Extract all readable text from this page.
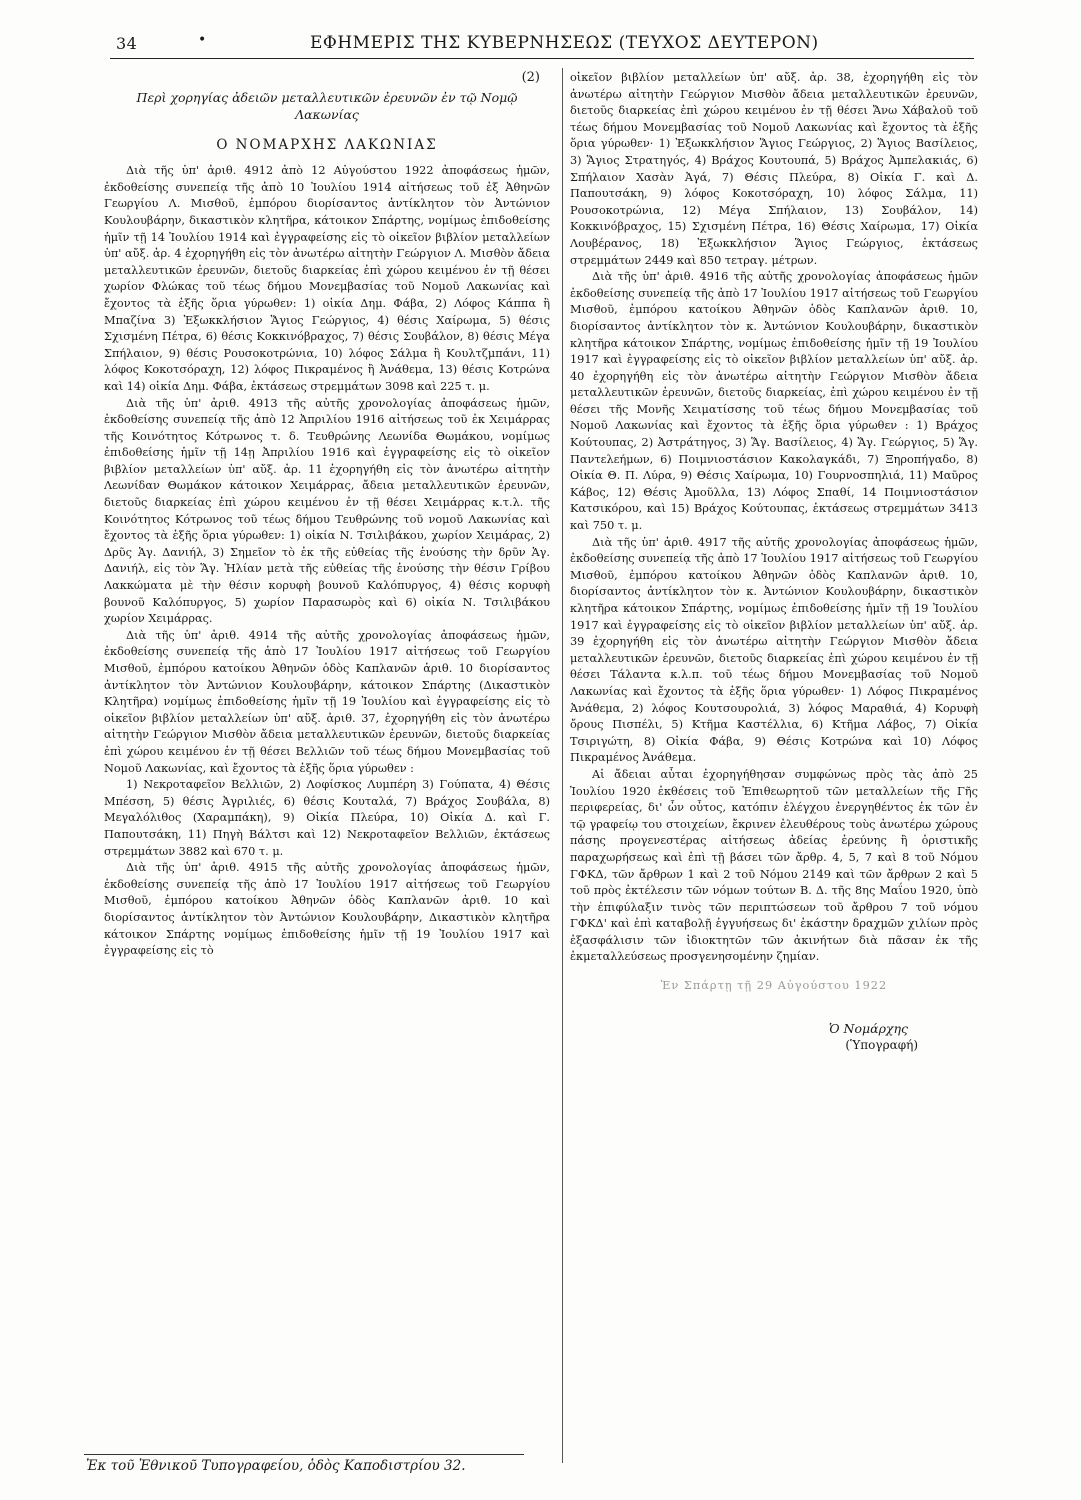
34	•	ΕΦΗΜΕΡΙΣ ΤΗΣ ΚΥΒΕΡΝΗΣΕΩΣ (ΤΕΥΧΟΣ ΔΕΥΤΕΡΟΝ)
(2)
Περὶ χορηγίας ἀδειῶν μεταλλευτικῶν ἐρευνῶν ἐν τῷ Νομῷ Λακωνίας
Ο ΝΟΜΑΡΧΗΣ ΛΑΚΩΝΙΑΣ

Διὰ τῆς ὑπ' ἀριθ. 4912 ἀπὸ 12 Αὐγούστου 1922 ἀποφάσεως ἡμῶν, ἐκδοθείσης συνεπείᾳ τῆς ἀπὸ 10 Ἰουλίου 1914 αἰτήσεως τοῦ ἐξ Ἀθηνῶν Γεωργίου Λ. Μισθοῦ, ἐμπόρου διορίσαντος ἀντίκλητον τὸν Ἀντώνιον Κουλουβάρην, δικαστικὸν κλητῆρα, κάτοικον Σπάρτης, νομίμως ἐπιδοθείσης ἡμῖν τῇ 14 Ἰουλίου 1914 καὶ ἐγγραφείσης εἰς τὸ οἰκεῖον βιβλίον μεταλλείων ὑπ' αὔξ. ἀρ. 4 ἐχορηγήθη εἰς τὸν ἀνωτέρω αἰτητὴν Γεώργιον Λ. Μισθὸν ἄδεια μεταλλευτικῶν ἐρευνῶν, διετοῦς διαρκείας ἐπὶ χώρου κειμένου ἐν τῇ θέσει χωρίον Φλώκας τοῦ τέως δήμου Μονεμβασίας τοῦ Νομοῦ Λακωνίας καὶ ἔχοντος τὰ ἑξῆς ὅρια γύρωθεν: 1) οἰκία Δημ. Φάβα, 2) Λόφος Κάππα ἢ Μπαζίνα 3) Ἐξωκκλήσιον Ἅγιος Γεώργιος, 4) θέσις Χαίρωμα, 5) θέσις Σχισμένη Πέτρα, 6) θέσις Κοκκινόβραχος, 7) θέσις Σουβάλον, 8) θέσις Μέγα Σπήλαιον, 9) θέσις Ρουσοκοτρώνια, 10) λόφος Σάλμα ἢ Κουλτζμπάνι, 11) λόφος Κοκοτσόραχη, 12) λόφος Πικραμένος ἢ Ἀνάθεμα, 13) θέσις Κοτρώνα καὶ 14) οἰκία Δημ. Φάβα, ἐκτάσεως στρεμμάτων 3098 καὶ 225 τ. μ.

Διὰ τῆς ὑπ' ἀριθ. 4913 τῆς αὐτῆς χρονολογίας ἀποφάσεως ἡμῶν, ἐκδοθείσης συνεπείᾳ τῆς ἀπὸ 12 Ἀπριλίου 1916 αἰτήσεως τοῦ ἐκ Χειμάρρας τῆς Κοινότητος Κότρωνος τ. δ. Τευθρώνης Λεωνίδα Θωμάκου, νομίμως ἐπιδοθείσης ἡμῖν τῇ 14ῃ Ἀπριλίου 1916 καὶ ἐγγραφείσης εἰς τὸ οἰκεῖον βιβλίον μεταλλείων ὑπ' αὔξ. ἀρ. 11 ἐχορηγήθη εἰς τὸν ἀνωτέρω αἰτητὴν Λεωνίδαν Θωμάκον κάτοικον Χειμάρρας, ἄδεια μεταλλευτικῶν ἐρευνῶν, διετοῦς διαρκείας ἐπὶ χώρου κειμένου ἐν τῇ θέσει Χειμάρρας κ.τ.λ. τῆς Κοινότητος Κότρωνος τοῦ τέως δήμου Τευθρώνης τοῦ νομοῦ Λακωνίας καὶ ἔχοντος τὰ ἑξῆς ὅρια γύρωθεν: 1) οἰκία Ν. Τσιλιβάκου, χωρίον Χειμάρας, 2) Δρῦς Ἁγ. Δανιήλ, 3) Σημεῖον τὸ ἐκ τῆς εὐθείας τῆς ἑνούσης τὴν δρῦν Ἁγ. Δανιήλ, εἰς τὸν Ἅγ. Ἠλίαν μετὰ τῆς εὐθείας τῆς ἑνούσης τὴν θέσιν Γρίβου Λακκώματα μὲ τὴν θέσιν κορυφὴ βουνοῦ Καλόπυργος, 4) θέσις κορυφὴ βουνοῦ Καλόπυργος, 5) χωρίον Παρασωρὸς καὶ 6) οἰκία Ν. Τσιλιβάκου χωρίον Χειμάρρας.

Διὰ τῆς ὑπ' ἀριθ. 4914 τῆς αὐτῆς χρονολογίας ἀποφάσεως ἡμῶν, ἐκδοθείσης συνεπείᾳ τῆς ἀπὸ 17 Ἰουλίου 1917 αἰτήσεως τοῦ Γεωργίου Μισθοῦ, ἐμπόρου κατοίκου Ἀθηνῶν ὁδὸς Καπλανῶν ἀριθ. 10 διορίσαντος ἀντίκλητον τὸν Ἀντώνιον Κουλουβάρην, κάτοικον Σπάρτης (Δικαστικὸν Κλητῆρα) νομίμως ἐπιδοθείσης ἡμῖν τῇ 19 Ἰουλίου καὶ ἐγγραφείσης εἰς τὸ οἰκεῖον βιβλίον μεταλλείων ὑπ' αὔξ. ἀριθ. 37, ἐχορηγήθη εἰς τὸν ἀνωτέρω αἰτητὴν Γεώργιον Μισθὸν ἄδεια μεταλλευτικῶν ἐρευνῶν, διετοῦς διαρκείας ἐπὶ χώρου κειμένου ἐν τῇ θέσει Βελλιῶν τοῦ τέως δήμου Μονεμβασίας τοῦ Νομοῦ Λακωνίας, καὶ ἔχοντος τὰ ἑξῆς ὅρια γύρωθεν :

1) Νεκροταφεῖον Βελλιῶν, 2) Λοφίσκος Λυμπέρη 3) Γούπατα, 4) Θέσις Μπέσση, 5) θέσις Ἀγριλιές, 6) θέσις Κουταλά, 7) Βράχος Σουβάλα, 8) Μεγαλόλιθος (Χαραμπάκη), 9) Οἰκία Πλεύρα, 10) Οἰκία Δ. καὶ Γ. Παπουτσάκη, 11) Πηγὴ Βάλτσι καὶ 12) Νεκροταφεῖον Βελλιῶν, ἐκτάσεως στρεμμάτων 3882 καὶ 670 τ. μ.

Διὰ τῆς ὑπ' ἀριθ. 4915 τῆς αὐτῆς χρονολογίας ἀποφάσεως ἡμῶν, ἐκδοθείσης συνεπείᾳ τῆς ἀπὸ 17 Ἰουλίου 1917 αἰτήσεως τοῦ Γεωργίου Μισθοῦ, ἐμπόρου κατοίκου Ἀθηνῶν ὁδὸς Καπλανῶν ἀριθ. 10 καὶ διορίσαντος ἀντίκλητον τὸν Ἀντώνιον Κουλουβάρην, Δικαστικὸν κλητῆρα κάτοικον Σπάρτης νομίμως ἐπιδοθείσης ἡμῖν τῇ 19 Ἰουλίου 1917 καὶ ἐγγραφείσης εἰς τὸ

οἰκεῖον βιβλίον μεταλλείων ὑπ' αὔξ. ἀρ. 38, ἐχορηγήθη εἰς τὸν ἀνωτέρω αἰτητὴν Γεώργιον Μισθὸν ἄδεια μεταλλευτικῶν ἐρευνῶν, διετοῦς διαρκείας ἐπὶ χώρου κειμένου ἐν τῇ θέσει Ἄνω Χάβαλοῦ τοῦ τέως δήμου Μονεμβασίας τοῦ Νομοῦ Λακωνίας καὶ ἔχοντος τὰ ἑξῆς ὅρια γύρωθεν· 1) Ἐξωκκλήσιον Ἅγιος Γεώργιος, 2) Ἅγιος Βασίλειος, 3) Ἅγιος Στρατηγός, 4) Βράχος Κουτουπά, 5) Βράχος Ἀμπελακιάς, 6) Σπήλαιον Χασὰν Ἀγά, 7) Θέσις Πλεύρα, 8) Οἰκία Γ. καὶ Δ. Παπουτσάκη, 9) λόφος Κοκοτσόραχη, 10) λόφος Σάλμα, 11) Ρουσοκοτρώνια, 12) Μέγα Σπήλαιον, 13) Σουβάλον, 14) Κοκκινόβραχος, 15) Σχισμένη Πέτρα, 16) Θέσις Χαίρωμα, 17) Οἰκία Λουβέρανος, 18) Ἐξωκκλήσιον Ἅγιος Γεώργιος, ἐκτάσεως στρεμμάτων 2449 καὶ 850 τετραγ. μέτρων.

Διὰ τῆς ὑπ' ἀριθ. 4916 τῆς αὐτῆς χρονολογίας ἀποφάσεως ἡμῶν ἐκδοθείσης συνεπείᾳ τῆς ἀπὸ 17 Ἰουλίου 1917 αἰτήσεως τοῦ Γεωργίου Μισθοῦ, ἐμπόρου κατοίκου Ἀθηνῶν ὁδὸς Καπλανῶν ἀριθ. 10, διορίσαντος ἀντίκλητον τὸν κ. Ἀντώνιον Κουλουβάρην, δικαστικὸν κλητῆρα κάτοικον Σπάρτης, νομίμως ἐπιδοθείσης ἡμῖν τῇ 19 Ἰουλίου 1917 καὶ ἐγγραφείσης εἰς τὸ οἰκεῖον βιβλίον μεταλλείων ὑπ' αὔξ. ἀρ. 40 ἐχορηγήθη εἰς τὸν ἀνωτέρω αἰτητὴν Γεώργιον Μισθὸν ἄδεια μεταλλευτικῶν ἐρευνῶν, διετοῦς διαρκείας, ἐπὶ χώρου κειμένου ἐν τῇ θέσει τῆς Μονῆς Χειματίσσης τοῦ τέως δήμου Μονεμβασίας τοῦ Νομοῦ Λακωνίας καὶ ἔχοντος τὰ ἑξῆς ὅρια γύρωθεν : 1) Βράχος Κούτουπας, 2) Ἀστράτηγος, 3) Ἅγ. Βασίλειος, 4) Ἅγ. Γεώργιος, 5) Ἅγ. Παντελεήμων, 6) Ποιμνιοστάσιον Κακολαγκάδι, 7) Ξηροπήγαδο, 8) Οἰκία Θ. Π. Λύρα, 9) Θέσις Χαίρωμα, 10) Γουρνοσπηλιά, 11) Μαῦρος Κάβος, 12) Θέσις Ἀμοῦλλα, 13) Λόφος Σπαθί, 14 Ποιμνιοστάσιον Κατσικόρου, καὶ 15) Βράχος Κούτουπας, ἐκτάσεως στρεμμάτων 3413 καὶ 750 τ. μ.

Διὰ τῆς ὑπ' ἀριθ. 4917 τῆς αὐτῆς χρονολογίας ἀποφάσεως ἡμῶν, ἐκδοθείσης συνεπείᾳ τῆς ἀπὸ 17 Ἰουλίου 1917 αἰτήσεως τοῦ Γεωργίου Μισθοῦ, ἐμπόρου κατοίκου Ἀθηνῶν ὁδὸς Καπλανῶν ἀριθ. 10, διορίσαντος ἀντίκλητον τὸν κ. Ἀντώνιον Κουλουβάρην, δικαστικὸν κλητῆρα κάτοικον Σπάρτης, νομίμως ἐπιδοθείσης ἡμῖν τῇ 19 Ἰουλίου 1917 καὶ ἐγγραφείσης εἰς τὸ οἰκεῖον βιβλίον μεταλλείων ὑπ' αὔξ. ἀρ. 39 ἐχορηγήθη εἰς τὸν ἀνωτέρω αἰτητὴν Γεώργιον Μισθὸν ἄδεια μεταλλευτικῶν ἐρευνῶν, διετοῦς διαρκείας ἐπὶ χώρου κειμένου ἐν τῇ θέσει Τάλαντα κ.λ.π. τοῦ τέως δήμου Μονεμβασίας τοῦ Νομοῦ Λακωνίας καὶ ἔχοντος τὰ ἑξῆς ὅρια γύρωθεν· 1) Λόφος Πικραμένος Ἀνάθεμα, 2) λόφος Κουτσουρολιά, 3) λόφος Μαραθιά, 4) Κορυφὴ ὄρους Πισπέλι, 5) Κτῆμα Καστέλλια, 6) Κτῆμα Λάβος, 7) Οἰκία Τσιριγώτη, 8) Οἰκία Φάβα, 9) Θέσις Κοτρώνα καὶ 10) Λόφος Πικραμένος Ἀνάθεμα.

Αἱ ἄδειαι αὗται ἐχορηγήθησαν συμφώνως πρὸς τὰς ἀπὸ 25 Ἰουλίου 1920 ἐκθέσεις τοῦ Ἐπιθεωρητοῦ τῶν μεταλλείων τῆς Γῆς περιφερείας, δι' ὧν οὗτος, κατόπιν ἐλέγχου ἐνεργηθέντος ἐκ τῶν ἐν τῷ γραφείῳ του στοιχείων, ἔκρινεν ἐλευθέρους τοὺς ἀνωτέρω χώρους πάσης προγενεστέρας αἰτήσεως ἀδείας ἐρεύνης ἢ ὁριστικῆς παραχωρήσεως καὶ ἐπὶ τῇ βάσει τῶν ἄρθρ. 4, 5, 7 καὶ 8 τοῦ Νόμου ΓΦΚΔ, τῶν ἄρθρων 1 καὶ 2 τοῦ Νόμου 2149 καὶ τῶν ἄρθρων 2 καὶ 5 τοῦ πρὸς ἐκτέλεσιν τῶν νόμων τούτων Β. Δ. τῆς 8ης Μαΐου 1920, ὑπὸ τὴν ἐπιφύλαξιν τινὸς τῶν περιπτώσεων τοῦ ἄρθρου 7 τοῦ νόμου ΓΦΚΔ' καὶ ἐπὶ καταβολῇ ἐγγυήσεως δι' ἑκάστην δραχμῶν χιλίων πρὸς ἐξασφάλισιν τῶν ἰδιοκτητῶν τῶν ἀκινήτων διὰ πᾶσαν ἐκ τῆς ἐκμεταλλεύσεως προσγενησομένην ζημίαν.

Ἐν Σπάρτῃ τῇ 29 Αὐγούστου 1922
Ὁ Νομάρχης
(Ὑπογραφή)
Ἐκ τοῦ Ἐθνικοῦ Τυπογραφείου, ὁδὸς Καποδιστρίου 32.
